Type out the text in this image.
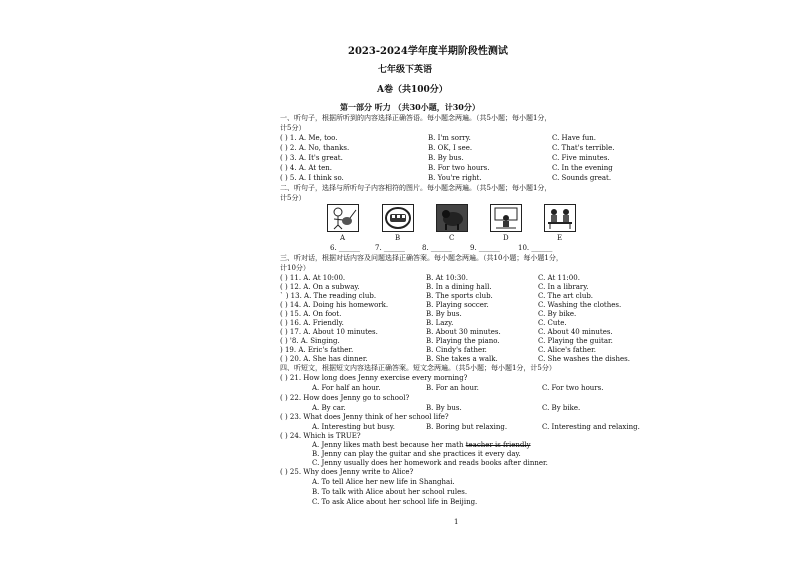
2023-2024学年度半期阶段性测试
七年级下英语
A卷（共100分）
第一部分 听力 （共30小题，计30分）
一、听句子，根据所听到的内容选择正确答语。每小题念两遍。（共5小题；每小题1分，
计5分）
( ) 1. A. Me, too.	B. I'm sorry.	C. Have fun.
( ) 2. A. No, thanks.	B. OK, I see.	C. That's terrible.
( ) 3. A. It's great.	B. By bus.	C. Five minutes.
( ) 4. A. At ten.	B. For two hours.	C. In the evening
( ) 5. A. I think so.	B. You're right.	C. Sounds great.
二、听句子，选择与所听句子内容相符的图片。每小题念两遍。（共5小题；每小题1分，
计5分）
A	B	C	D	E
6. ______ 7. ______ 8. ______	9. ______	10. ______
三、听对话，根据对话内容及问题选择正确答案。每小题念两遍。（共10小题；每小题1分，
计10分）
( ) 11. A. At 10:00.	B. At 10:30.	C. At 11:00.
( ) 12. A. On a subway.	B. In a dining hall.	C. In a library.
` ) 13. A. The reading club.	B. The sports club.	C. The art club.
( ) 14. A. Doing his homework.	B. Playing soccer.	C. Washing the clothes.
( ) 15. A. On foot.	B. By bus.	C. By bike.
( ) 16. A. Friendly.	B. Lazy.	C. Cute.
( ) 17. A. About 10 minutes.	B. About 30 minutes.	C. About 40 minutes.
( ) '8. A. Singing.	B. Playing the piano.	C. Playing the guitar.
) 19. A. Eric's father.	B. Cindy's father.	C. Alice's father.
( ) 20. A. She has dinner.	B. She takes a walk.	C. She washes the dishes.
四、听短文，根据短文内容选择正确答案。短文念两遍。（共5小题；每小题1分，计5分）
( ) 21. How long does Jenny exercise every morning?
A. For half an hour.	B. For an hour.	C. For two hours.
( ) 22. How does Jenny go to school?
A. By car.	B. By bus.	C. By bike.
( ) 23. What does Jenny think of her school life?
A. Interesting but busy.	B. Boring but relaxing.	C. Interesting and relaxing.
( ) 24. Which is TRUE?
A. Jenny likes math best because her math teacher is friendly
B. Jenny can play the guitar and she practices it every day.
C. Jenny usually does her homework and reads books after dinner.
( ) 25. Why does Jenny write to Alice?
A. To tell Alice her new life in Shanghai.
B. To talk with Alice about her school rules.
C. To ask Alice about her school life in Beijing.
1
